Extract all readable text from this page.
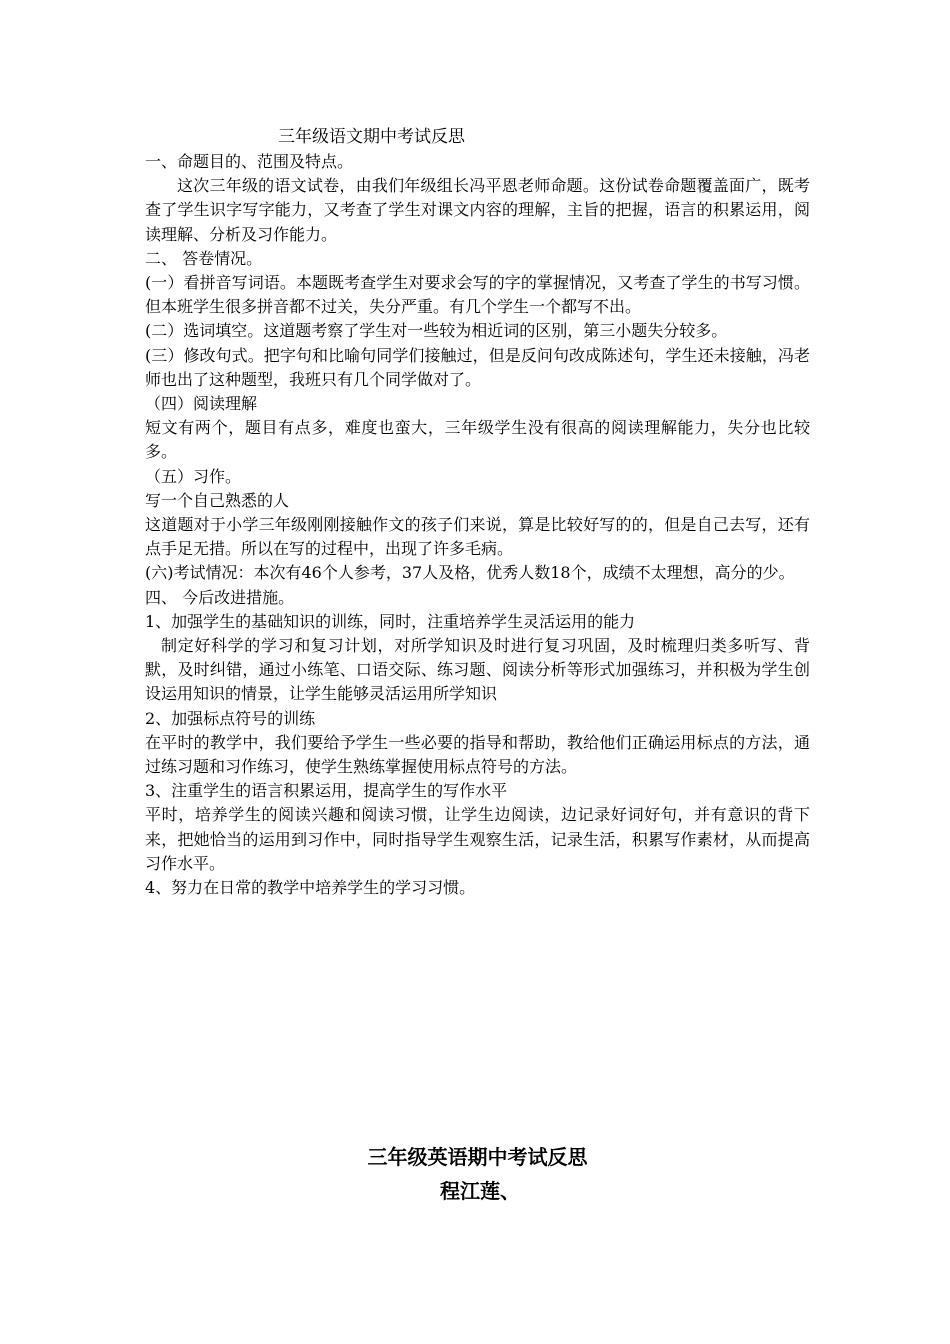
三年级语文期中考试反思

一、命题目的、范围及特点。

这次三年级的语文试卷，由我们年级组长冯平恩老师命题。这份试卷命题覆盖面广，既考查了学生识字写字能力，又考查了学生对课文内容的理解，主旨的把握，语言的积累运用，阅读理解、分析及习作能力。

二、 答卷情况。

(一）看拼音写词语。本题既考查学生对要求会写的字的掌握情况，又考查了学生的书写习惯。但本班学生很多拼音都不过关，失分严重。有几个学生一个都写不出。

(二）选词填空。这道题考察了学生对一些较为相近词的区别，第三小题失分较多。

(三）修改句式。把字句和比喻句同学们接触过，但是反问句改成陈述句，学生还未接触，冯老师也出了这种题型，我班只有几个同学做对了。

（四）阅读理解

短文有两个，题目有点多，难度也蛮大，三年级学生没有很高的阅读理解能力，失分也比较多。

（五）习作。

写一个自己熟悉的人

这道题对于小学三年级刚刚接触作文的孩子们来说，算是比较好写的的，但是自己去写，还有点手足无措。所以在写的过程中，出现了许多毛病。

(六)考试情况：本次有46个人参考，37人及格，优秀人数18个，成绩不太理想，高分的少。

四、 今后改进措施。

1、加强学生的基础知识的训练，同时，注重培养学生灵活运用的能力

制定好科学的学习和复习计划，对所学知识及时进行复习巩固，及时梳理归类多听写、背默，及时纠错，通过小练笔、口语交际、练习题、阅读分析等形式加强练习，并积极为学生创设运用知识的情景，让学生能够灵活运用所学知识

2、加强标点符号的训练

在平时的教学中，我们要给予学生一些必要的指导和帮助，教给他们正确运用标点的方法，通过练习题和习作练习，使学生熟练掌握使用标点符号的方法。

3、注重学生的语言积累运用，提高学生的写作水平

平时，培养学生的阅读兴趣和阅读习惯，让学生边阅读，边记录好词好句，并有意识的背下来，把她恰当的运用到习作中，同时指导学生观察生活，记录生活，积累写作素材，从而提高习作水平。

4、努力在日常的教学中培养学生的学习习惯。

三年级英语期中考试反思
程江莲、
